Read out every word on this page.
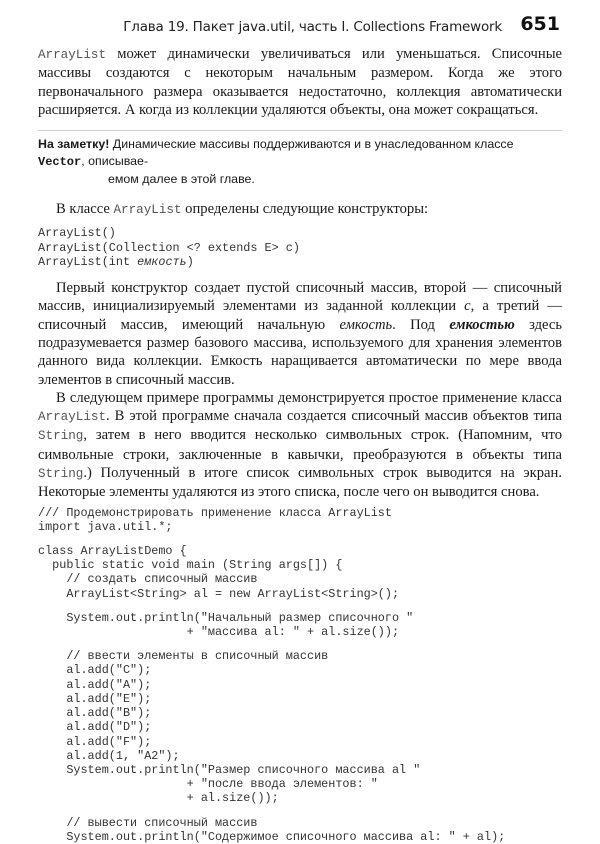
Глава 19. Пакет java.util, часть I. Collections Framework 651

ArrayList может динамически увеличиваться или уменьшаться. Списочные массивы создаются с некоторым начальным размером. Когда же этого первоначального размера оказывается недостаточно, коллекция автоматически расширяется. А когда из коллекции удаляются объекты, она может сокращаться.

На заметку! Динамические массивы поддерживаются и в унаследованном классе Vector, описывае-
емом далее в этой главе.

В классе ArrayList определены следующие конструкторы:

ArrayList()
ArrayList(Collection <? extends E> c)
ArrayList(int емкость)

Первый конструктор создает пустой списочный массив, второй — списочный массив, инициализируемый элементами из заданной коллекции c, а третий — списочный массив, имеющий начальную емкость. Под емкостью здесь подразумевается размер базового массива, используемого для хранения элементов данного вида коллекции. Емкость наращивается автоматически по мере ввода элементов в списочный массив.

В следующем примере программы демонстрируется простое применение класса ArrayList. В этой программе сначала создается списочный массив объектов типа String, затем в него вводится несколько символьных строк. (Напомним, что символьные строки, заключенные в кавычки, преобразуются в объекты типа String.) Полученный в итоге список символьных строк выводится на экран. Некоторые элементы удаляются из этого списка, после чего он выводится снова.

/// Продемонстрировать применение класса ArrayList
import java.util.*;
class ArrayListDemo {
public static void main (String args[]) {
// создать списочный массив
ArrayList<String> al = new ArrayList<String>();
System.out.println("Начальный размер списочного "
+ "массива al: " + al.size());
// ввести элементы в списочный массив
al.add("C");
al.add("A");
al.add("E");
al.add("B");
al.add("D");
al.add("F");
al.add(1, "A2");
System.out.println("Размер списочного массива al "
+ "после ввода элементов: "
+ al.size());
// вывести списочный массив
System.out.println("Содержимое списочного массива al: " + al);
